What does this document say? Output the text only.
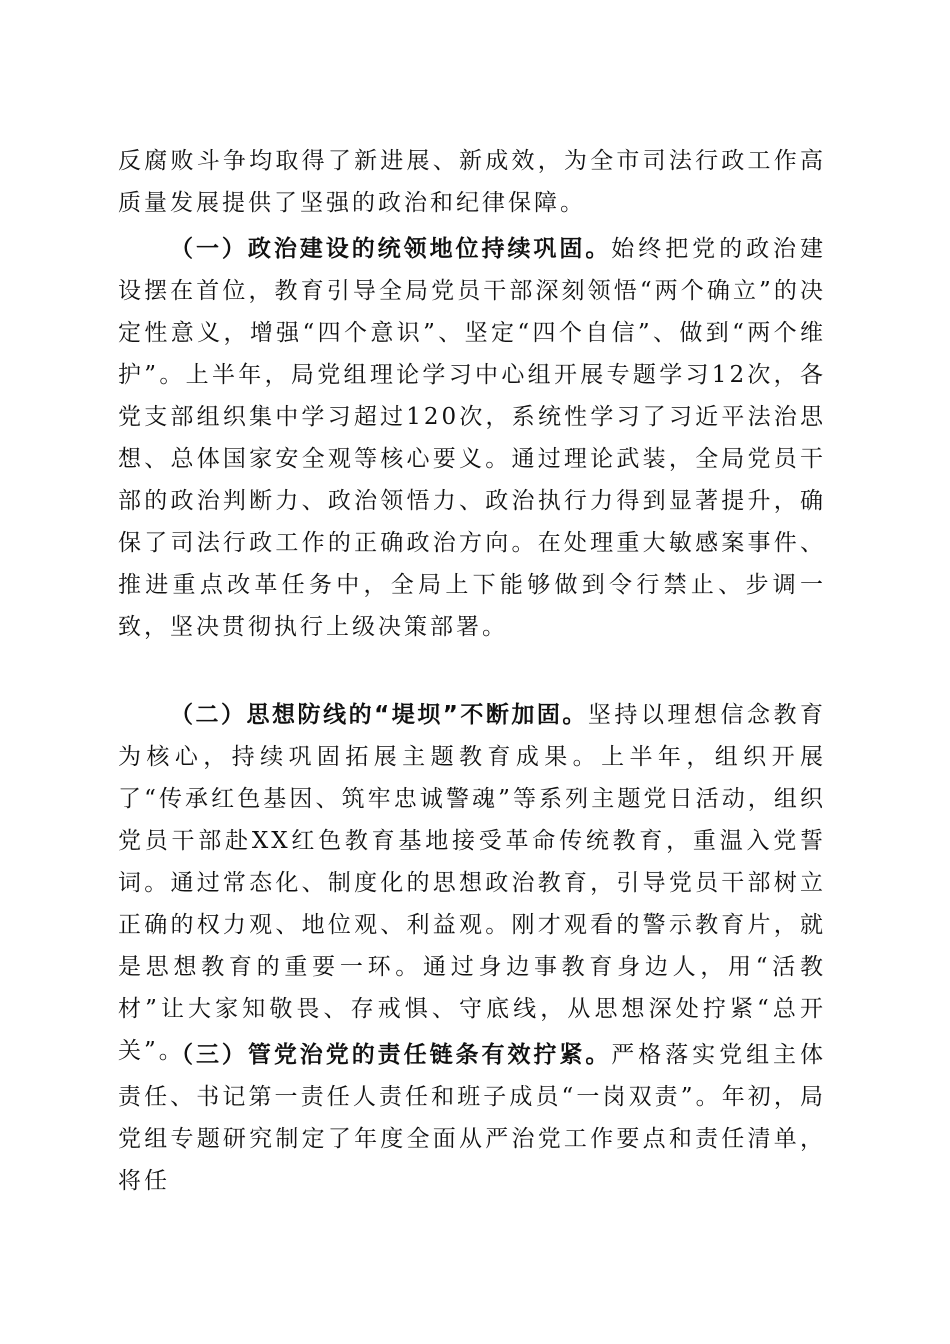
反腐败斗争均取得了新进展、新成效，为全市司法行政工作高质量发展提供了坚强的政治和纪律保障。

（一）政治建设的统领地位持续巩固。始终把党的政治建设摆在首位，教育引导全局党员干部深刻领悟“两个确立”的决定性意义，增强“四个意识”、坚定“四个自信”、做到“两个维护”。上半年，局党组理论学习中心组开展专题学习12次，各党支部组织集中学习超过120次，系统性学习了习近平法治思想、总体国家安全观等核心要义。通过理论武装，全局党员干部的政治判断力、政治领悟力、政治执行力得到显著提升，确保了司法行政工作的正确政治方向。在处理重大敏感案事件、推进重点改革任务中，全局上下能够做到令行禁止、步调一致，坚决贯彻执行上级决策部署。

（二）思想防线的“堤坝”不断加固。坚持以理想信念教育为核心，持续巩固拓展主题教育成果。上半年，组织开展了“传承红色基因、筑牢忠诚警魂”等系列主题党日活动，组织党员干部赴XX红色教育基地接受革命传统教育，重温入党誓词。通过常态化、制度化的思想政治教育，引导党员干部树立正确的权力观、地位观、利益观。刚才观看的警示教育片，就是思想教育的重要一环。通过身边事教育身边人，用“活教材”让大家知敬畏、存戒惧、守底线，从思想深处拧紧“总开关”。

（三）管党治党的责任链条有效拧紧。严格落实党组主体责任、书记第一责任人责任和班子成员“一岗双责”。年初，局党组专题研究制定了年度全面从严治党工作要点和责任清单，将任
